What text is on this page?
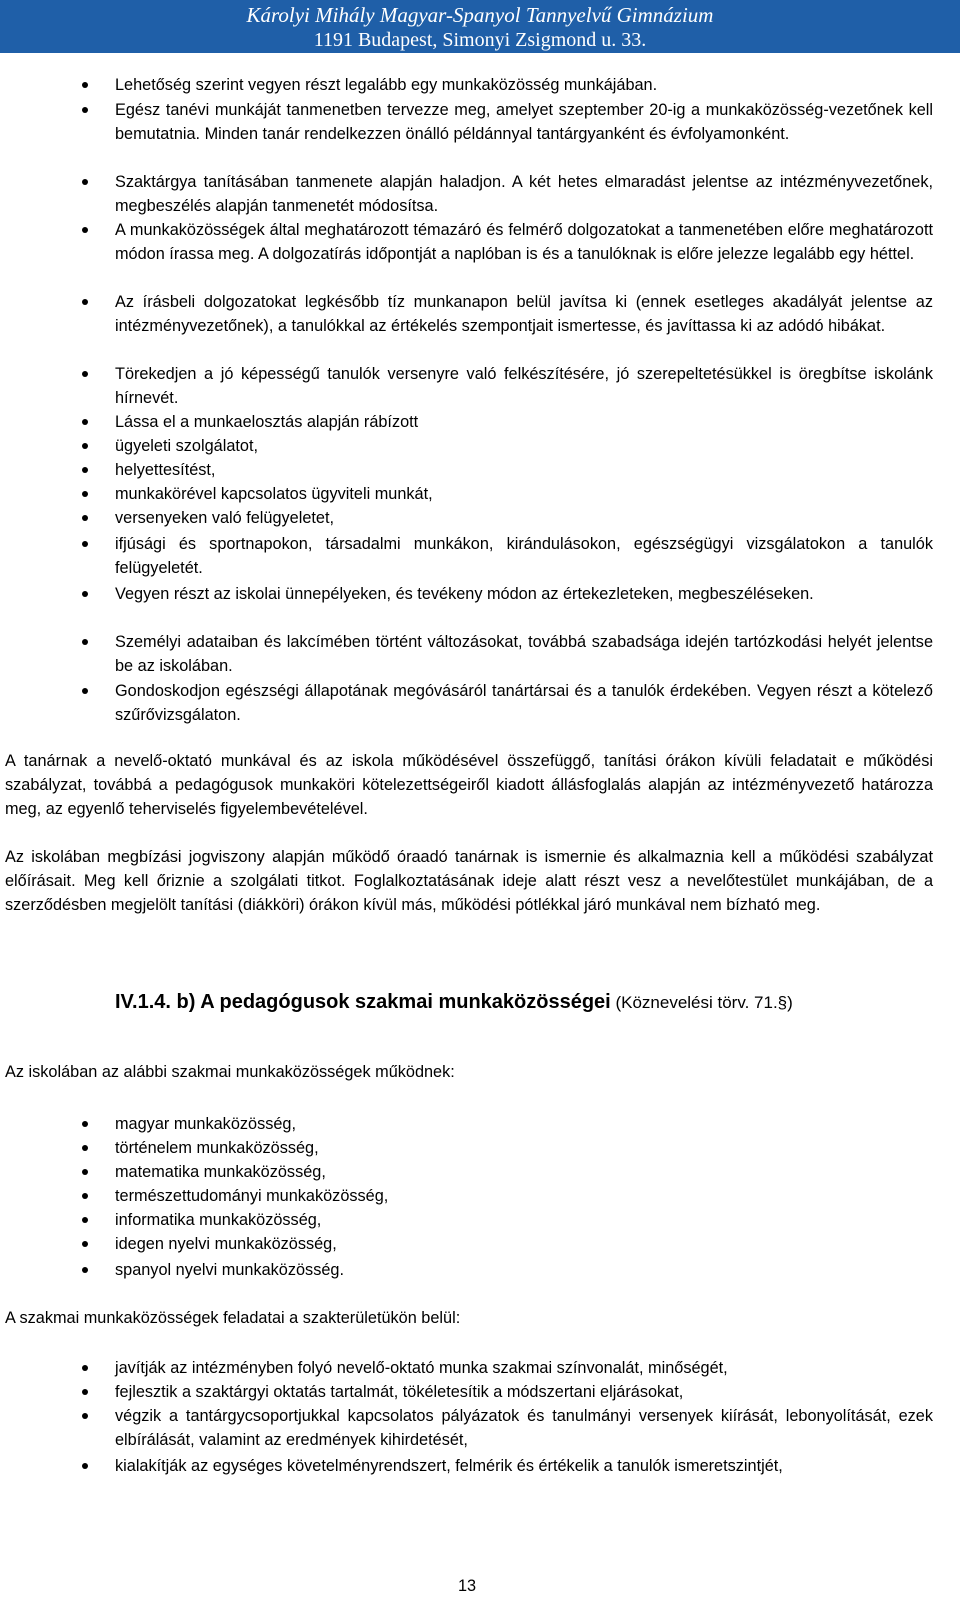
Károlyi Mihály Magyar-Spanyol Tannyelvű Gimnázium
1191 Budapest, Simonyi Zsigmond u. 33.
Lehetőség szerint vegyen részt legalább egy munkaközösség munkájában.
Egész tanévi munkáját tanmenetben tervezze meg, amelyet szeptember 20-ig a munkaközösség-vezetőnek kell bemutatnia. Minden tanár rendelkezzen önálló példánnyal tantárgyanként és évfolyamonként.
Szaktárgya tanításában tanmenete alapján haladjon. A két hetes elmaradást jelentse az intézményvezetőnek, megbeszélés alapján tanmenetét módosítsa.
A munkaközösségek által meghatározott témazáró és felmérő dolgozatokat a tanmenetében előre meghatározott módon írassa meg. A dolgozatírás időpontját a naplóban is és a tanulóknak is előre jelezze legalább egy héttel.
Az írásbeli dolgozatokat legkésőbb tíz munkanapon belül javítsa ki (ennek esetleges akadályát jelentse az intézményvezetőnek), a tanulókkal az értékelés szempontjait ismertesse, és javíttassa ki az adódó hibákat.
Törekedjen a jó képességű tanulók versenyre való felkészítésére, jó szerepeltetésükkel is öregbítse iskolánk hírnevét.
Lássa el a munkaelosztás alapján rábízott
ügyeleti szolgálatot,
helyettesítést,
munkakörével kapcsolatos ügyviteli munkát,
versenyeken való felügyeletet,
ifjúsági és sportnapokon, társadalmi munkákon, kirándulásokon, egészségügyi vizsgálatokon a tanulók felügyeletét.
Vegyen részt az iskolai ünnepélyeken, és tevékeny módon az értekezleteken, megbeszéléseken.
Személyi adataiban és lakcímében történt változásokat, továbbá szabadsága idején tartózkodási helyét jelentse be az iskolában.
Gondoskodjon egészségi állapotának megóvásáról tanártársai és a tanulók érdekében. Vegyen részt a kötelező szűrővizsgálaton.
A tanárnak a nevelő-oktató munkával és az iskola működésével összefüggő, tanítási órákon kívüli feladatait e működési szabályzat, továbbá a pedagógusok munkaköri kötelezettségeiről kiadott állásfoglalás alapján az intézményvezető határozza meg, az egyenlő teherviselés figyelembevételével.
Az iskolában megbízási jogviszony alapján működő óraadó tanárnak is ismernie és alkalmaznia kell a működési szabályzat előírásait. Meg kell őriznie a szolgálati titkot. Foglalkoztatásának ideje alatt részt vesz a nevelőtestület munkájában, de a szerződésben megjelölt tanítási (diákköri) órákon kívül más, működési pótlékkal járó munkával nem bízható meg.
IV.1.4. b) A pedagógusok szakmai munkaközösségei (Köznevelési törv. 71.§)
Az iskolában az alábbi szakmai munkaközösségek működnek:
magyar munkaközösség,
történelem munkaközösség,
matematika munkaközösség,
természettudományi munkaközösség,
informatika munkaközösség,
idegen nyelvi munkaközösség,
spanyol nyelvi munkaközösség.
A szakmai munkaközösségek feladatai a szakterületükön belül:
javítják az intézményben folyó nevelő-oktató munka szakmai színvonalát, minőségét,
fejlesztik a szaktárgyi oktatás tartalmát, tökéletesítik a módszertani eljárásokat,
végzik a tantárgycsoportjukkal kapcsolatos pályázatok és tanulmányi versenyek kiírását, lebonyolítását, ezek elbírálását, valamint az eredmények kihirdetését,
kialakítják az egységes követelményrendszert, felmérik és értékelik a tanulók ismeretszintjét,
13
